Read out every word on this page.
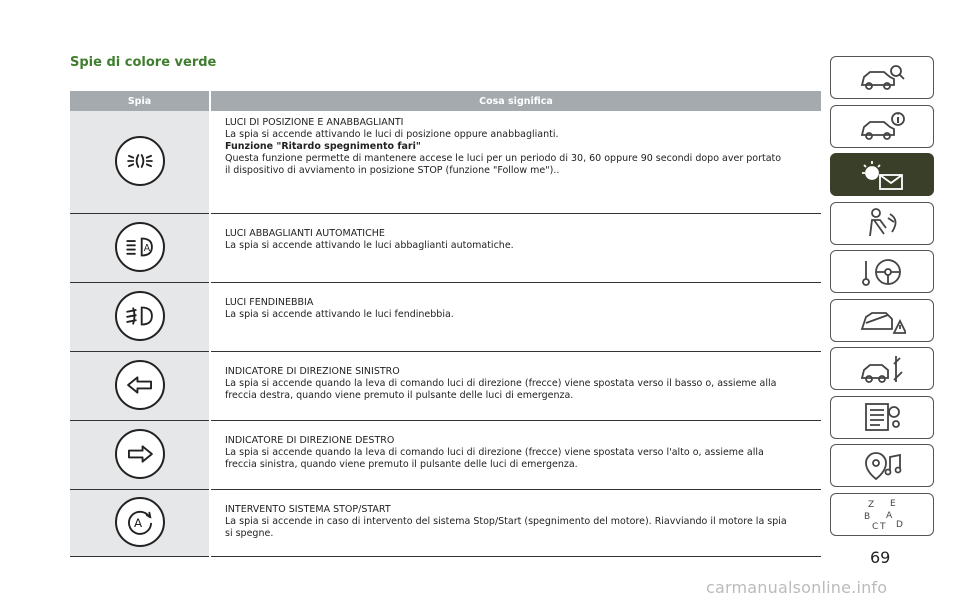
Spie di colore verde
Spia	Cosa significa

LUCI DI POSIZIONE E ANABBAGLIANTI
La spia si accende attivando le luci di posizione oppure anabbaglianti.
Funzione "Ritardo spegnimento fari"
Questa funzione permette di mantenere accese le luci per un periodo di 30, 60 oppure 90 secondi dopo aver portato
il dispositivo di avviamento in posizione STOP (funzione "Follow me")..

A	LUCI ABBAGLIANTI AUTOMATICHE
La spia si accende attivando le luci abbaglianti automatiche.

LUCI FENDINEBBIA
La spia si accende attivando le luci fendinebbia.

INDICATORE DI DIREZIONE SINISTRO
La spia si accende quando la leva di comando luci di direzione (frecce) viene spostata verso il basso o, assieme alla
freccia destra, quando viene premuto il pulsante delle luci di emergenza.

INDICATORE DI DIREZIONE DESTRO
La spia si accende quando la leva di comando luci di direzione (frecce) viene spostata verso l'alto o, assieme alla
freccia sinistra, quando viene premuto il pulsante delle luci di emergenza.

A	INTERVENTO SISTEMA STOP/START
La spia si accende in caso di intervento del sistema Stop/Start (spegnimento del motore). Riavviando il motore la spia
si spegne.
Z E
B A
D
C T
69
carmanualsonline.info
